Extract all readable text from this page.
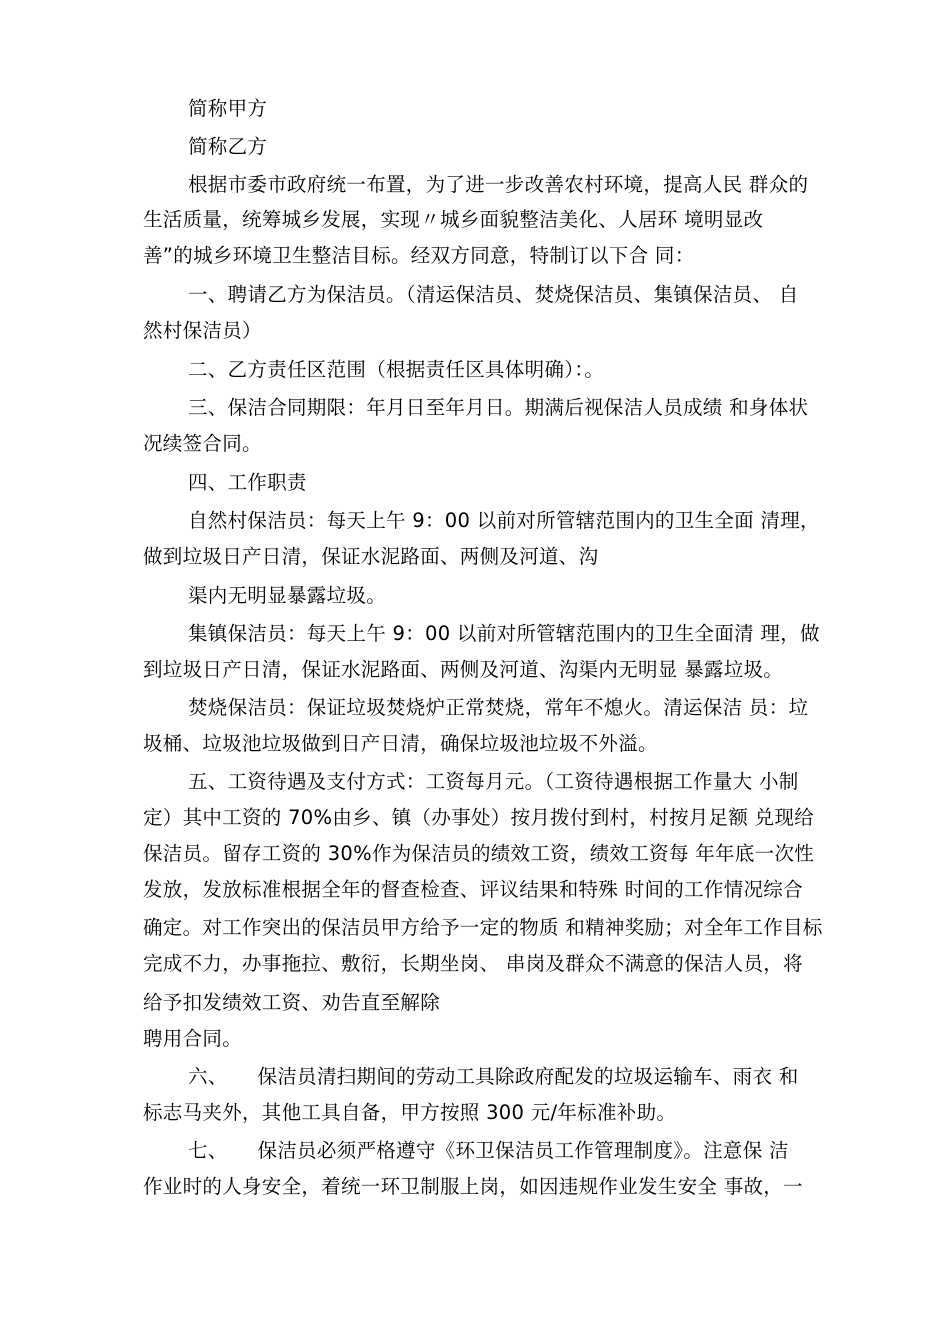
简称甲方
简称乙方
根据市委市政府统一布置，为了进一步改善农村环境，提高人民 群众的
生活质量，统筹城乡发展，实现〃城乡面貌整洁美化、人居环 境明显改
善”的城乡环境卫生整洁目标。经双方同意，特制订以下合 同：
一、聘请乙方为保洁员。（清运保洁员、焚烧保洁员、集镇保洁员、 自
然村保洁员）
二、乙方责任区范围（根据责任区具体明确）：。
三、保洁合同期限：年月日至年月日。期满后视保洁人员成绩 和身体状
况续签合同。
四、工作职责
自然村保洁员：每天上午 9：00 以前对所管辖范围内的卫生全面 清理，
做到垃圾日产日清，保证水泥路面、两侧及河道、沟
渠内无明显暴露垃圾。
集镇保洁员：每天上午 9：00 以前对所管辖范围内的卫生全面清 理，做
到垃圾日产日清，保证水泥路面、两侧及河道、沟渠内无明显 暴露垃圾。
焚烧保洁员：保证垃圾焚烧炉正常焚烧，常年不熄火。清运保洁 员：垃
圾桶、垃圾池垃圾做到日产日清，确保垃圾池垃圾不外溢。
五、工资待遇及支付方式：工资每月元。（工资待遇根据工作量大 小制
定）其中工资的 70%由乡、镇（办事处）按月拨付到村，村按月足额 兑现给
保洁员。留存工资的 30%作为保洁员的绩效工资，绩效工资每 年年底一次性
发放，发放标准根据全年的督查检查、评议结果和特殊 时间的工作情况综合
确定。对工作突出的保洁员甲方给予一定的物质 和精神奖励；对全年工作目标
完成不力，办事拖拉、敷衍，长期坐岗、 串岗及群众不满意的保洁人员，将
给予扣发绩效工资、劝告直至解除
聘用合同。
六、　　保洁员清扫期间的劳动工具除政府配发的垃圾运输车、雨衣 和
标志马夹外，其他工具自备，甲方按照 300 元/年标准补助。
七、　　保洁员必须严格遵守《环卫保洁员工作管理制度》。注意保 洁
作业时的人身安全，着统一环卫制服上岗，如因违规作业发生安全 事故，一
